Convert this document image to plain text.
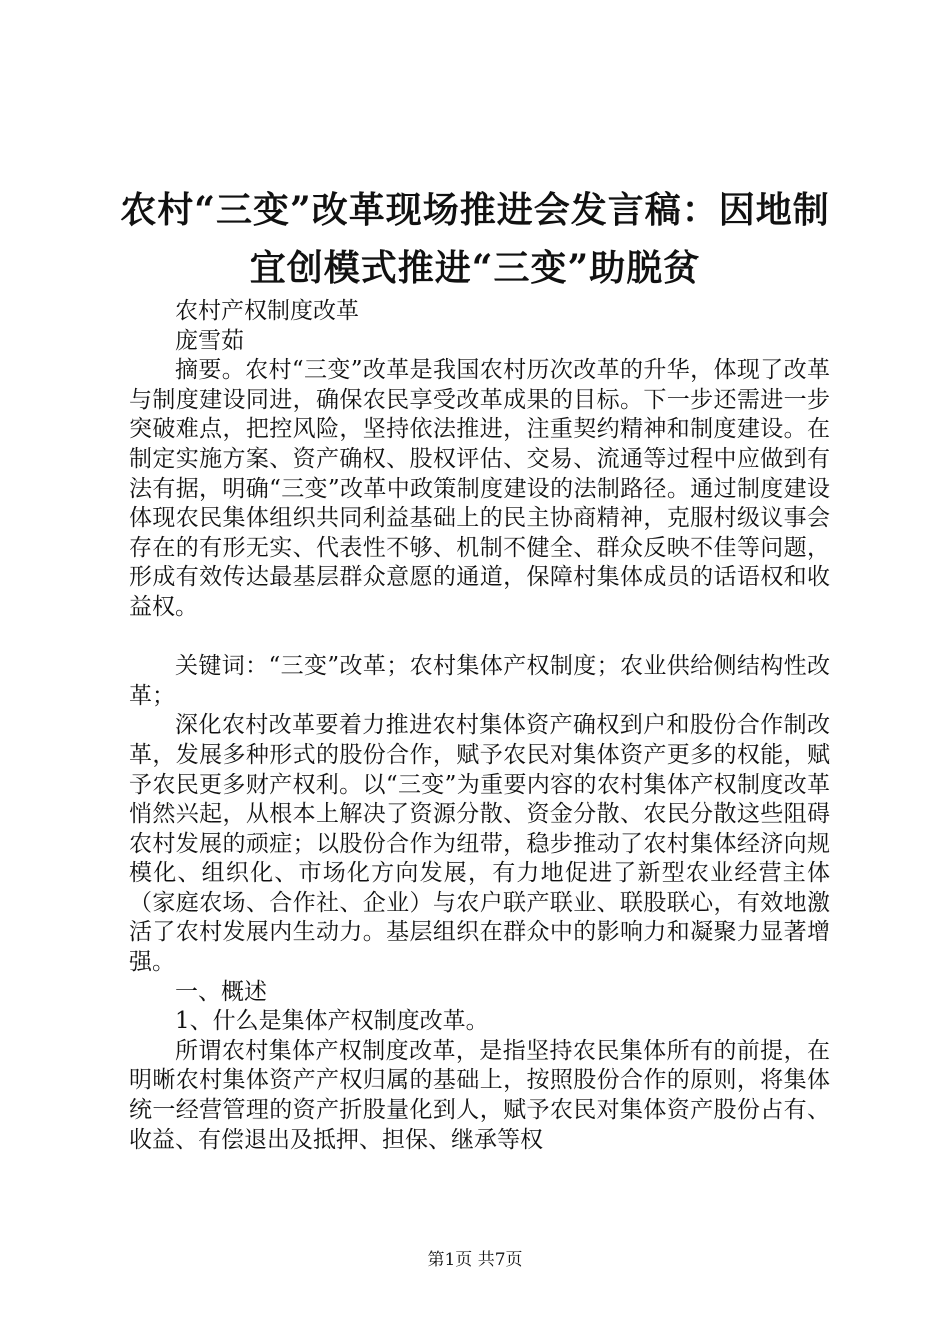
农村“三变”改革现场推进会发言稿：因地制
宜创模式推进“三变”助脱贫

农村产权制度改革

庞雪茹

摘要。农村“三变”改革是我国农村历次改革的升华，体现了改革与制度建设同进，确保农民享受改革成果的目标。下一步还需进一步突破难点，把控风险，坚持依法推进，注重契约精神和制度建设。在制定实施方案、资产确权、股权评估、交易、流通等过程中应做到有法有据，明确“三变”改革中政策制度建设的法制路径。通过制度建设体现农民集体组织共同利益基础上的民主协商精神，克服村级议事会存在的有形无实、代表性不够、机制不健全、群众反映不佳等问题，形成有效传达最基层群众意愿的通道，保障村集体成员的话语权和收益权。

关键词：“三变”改革；农村集体产权制度；农业供给侧结构性改革；

深化农村改革要着力推进农村集体资产确权到户和股份合作制改革，发展多种形式的股份合作，赋予农民对集体资产更多的权能，赋予农民更多财产权利。以“三变”为重要内容的农村集体产权制度改革悄然兴起，从根本上解决了资源分散、资金分散、农民分散这些阻碍农村发展的顽症；以股份合作为纽带，稳步推动了农村集体经济向规模化、组织化、市场化方向发展，有力地促进了新型农业经营主体（家庭农场、合作社、企业）与农户联产联业、联股联心，有效地激活了农村发展内生动力。基层组织在群众中的影响力和凝聚力显著增强。

一、概述

1、什么是集体产权制度改革。

所谓农村集体产权制度改革，是指坚持农民集体所有的前提，在明晰农村集体资产产权归属的基础上，按照股份合作的原则，将集体统一经营管理的资产折股量化到人，赋予农民对集体资产股份占有、收益、有偿退出及抵押、担保、继承等权

第1页 共7页
